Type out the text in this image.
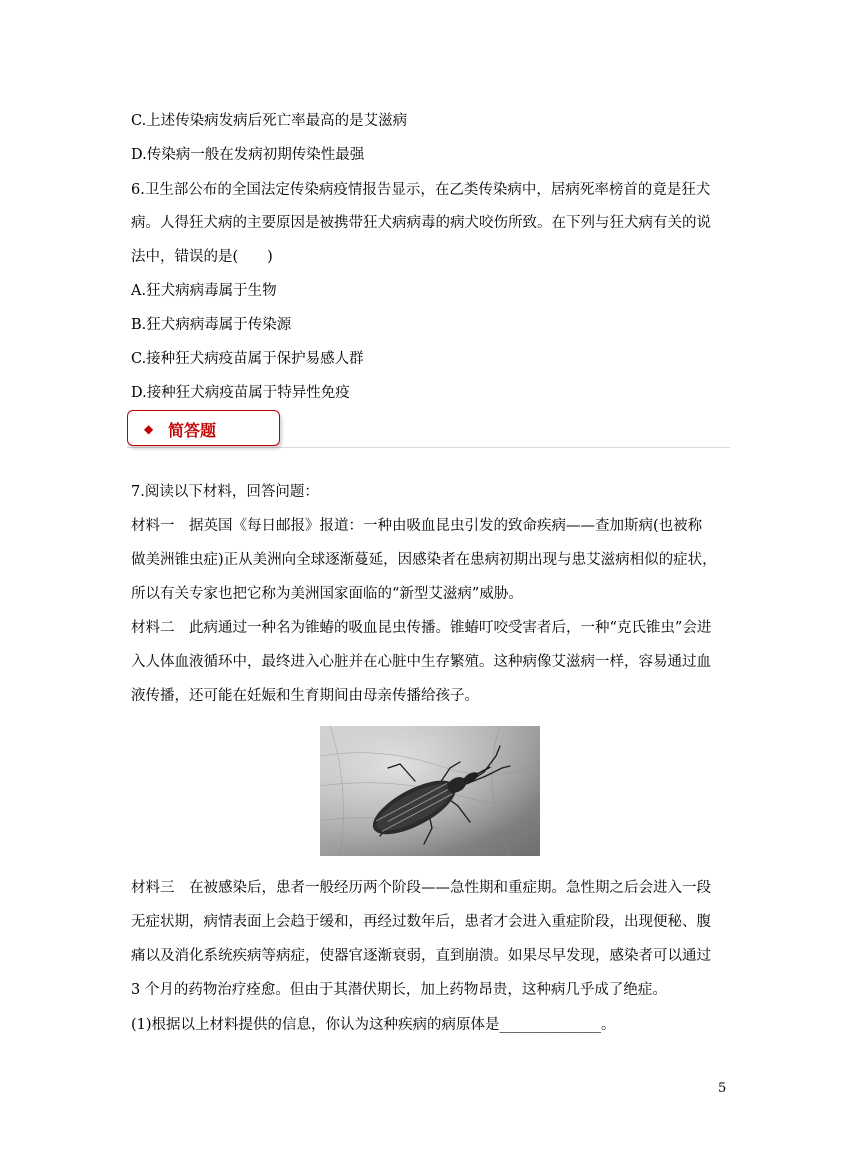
C.上述传染病发病后死亡率最高的是艾滋病
D.传染病一般在发病初期传染性最强
6.卫生部公布的全国法定传染病疫情报告显示，在乙类传染病中，居病死率榜首的竟是狂犬
病。人得狂犬病的主要原因是被携带狂犬病病毒的病犬咬伤所致。在下列与狂犬病有关的说
法中，错误的是(　　)
A.狂犬病病毒属于生物
B.狂犬病病毒属于传染源
C.接种狂犬病疫苗属于保护易感人群
D.接种狂犬病疫苗属于特异性免疫
◆ 简答题
7.阅读以下材料，回答问题：
材料一　据英国《每日邮报》报道：一种由吸血昆虫引发的致命疾病——查加斯病(也被称
做美洲锥虫症)正从美洲向全球逐渐蔓延，因感染者在患病初期出现与患艾滋病相似的症状，
所以有关专家也把它称为美洲国家面临的“新型艾滋病”威胁。
材料二　此病通过一种名为锥蝽的吸血昆虫传播。锥蝽叮咬受害者后，一种“克氏锥虫”会进
入人体血液循环中，最终进入心脏并在心脏中生存繁殖。这种病像艾滋病一样，容易通过血
液传播，还可能在妊娠和生育期间由母亲传播给孩子。
材料三　在被感染后，患者一般经历两个阶段——急性期和重症期。急性期之后会进入一段
无症状期，病情表面上会趋于缓和，再经过数年后，患者才会进入重症阶段，出现便秘、腹
痛以及消化系统疾病等病症，使器官逐渐衰弱，直到崩溃。如果尽早发现，感染者可以通过
3 个月的药物治疗痊愈。但由于其潜伏期长，加上药物昂贵，这种病几乎成了绝症。
(1)根据以上材料提供的信息，你认为这种疾病的病原体是______________。
5
